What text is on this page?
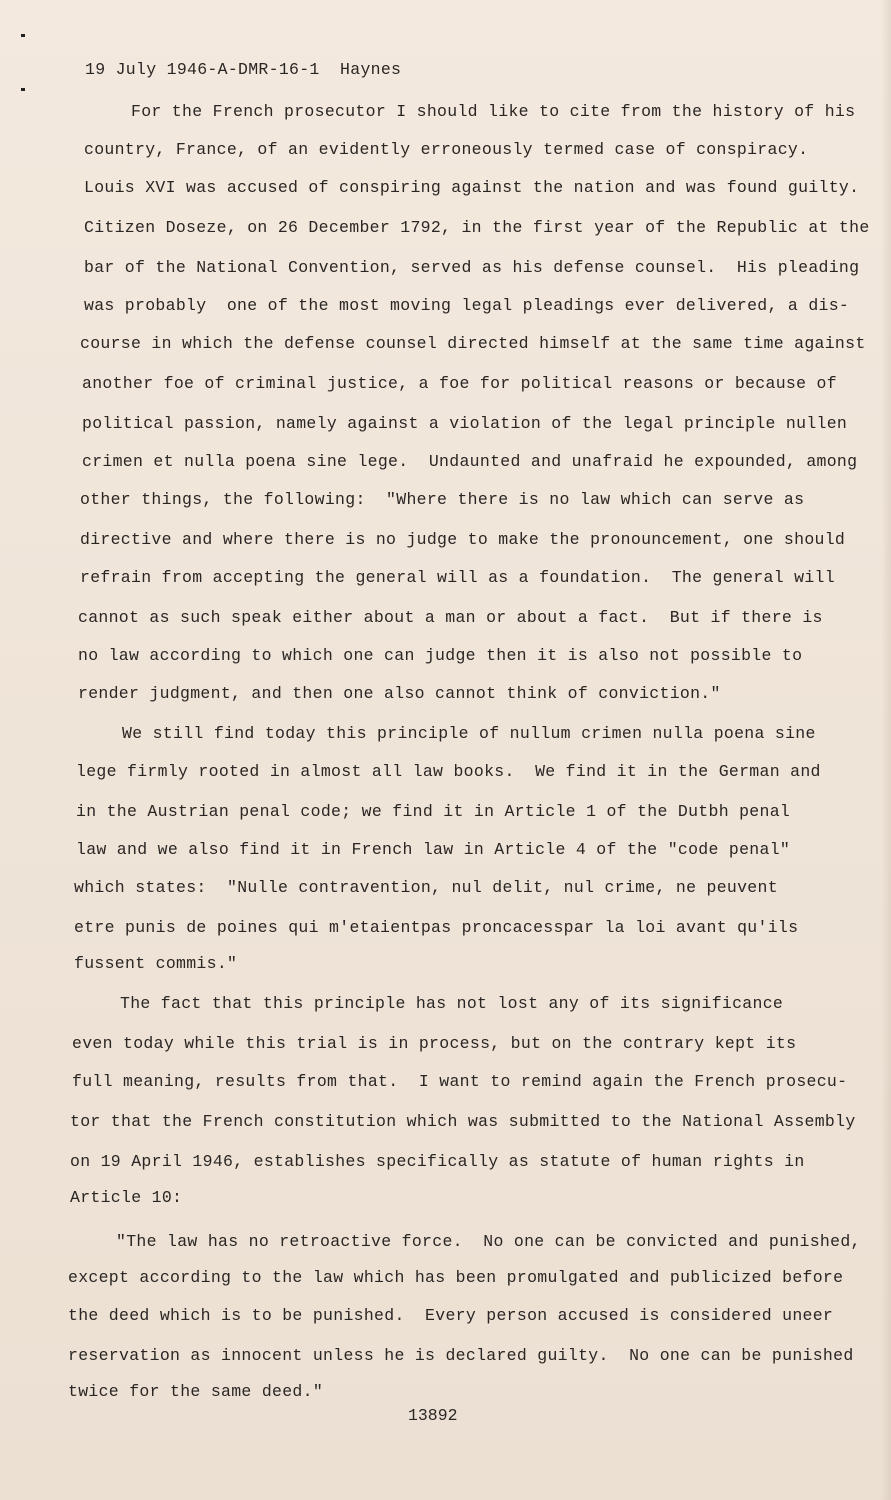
19 July 1946-A-DMR-16-1  Haynes

For the French prosecutor I should like to cite from the history of his

country, France, of an evidently erroneously termed case of conspiracy.

Louis XVI was accused of conspiring against the nation and was found guilty.

Citizen Doseze, on 26 December 1792, in the first year of the Republic at the

bar of the National Convention, served as his defense counsel.  His pleading

was probably  one of the most moving legal pleadings ever delivered, a dis-

course in which the defense counsel directed himself at the same time against

another foe of criminal justice, a foe for political reasons or because of

political passion, namely against a violation of the legal principle nullen

crimen et nulla poena sine lege.  Undaunted and unafraid he expounded, among

other things, the following:  "Where there is no law which can serve as

directive and where there is no judge to make the pronouncement, one should

refrain from accepting the general will as a foundation.  The general will

cannot as such speak either about a man or about a fact.  But if there is

no law according to which one can judge then it is also not possible to

render judgment, and then one also cannot think of conviction."

We still find today this principle of nullum crimen nulla poena sine

lege firmly rooted in almost all law books.  We find it in the German and

in the Austrian penal code; we find it in Article 1 of the Dutbh penal

law and we also find it in French law in Article 4 of the "code penal"

which states:  "Nulle contravention, nul delit, nul crime, ne peuvent

etre punis de poines qui m'etaientpas proncacesspar la loi avant qu'ils

fussent commis."

The fact that this principle has not lost any of its significance

even today while this trial is in process, but on the contrary kept its

full meaning, results from that.  I want to remind again the French prosecu-

tor that the French constitution which was submitted to the National Assembly

on 19 April 1946, establishes specifically as statute of human rights in

Article 10:

"The law has no retroactive force.  No one can be convicted and punished,

except according to the law which has been promulgated and publicized before

the deed which is to be punished.  Every person accused is considered uneer

reservation as innocent unless he is declared guilty.  No one can be punished

twice for the same deed."

13892
